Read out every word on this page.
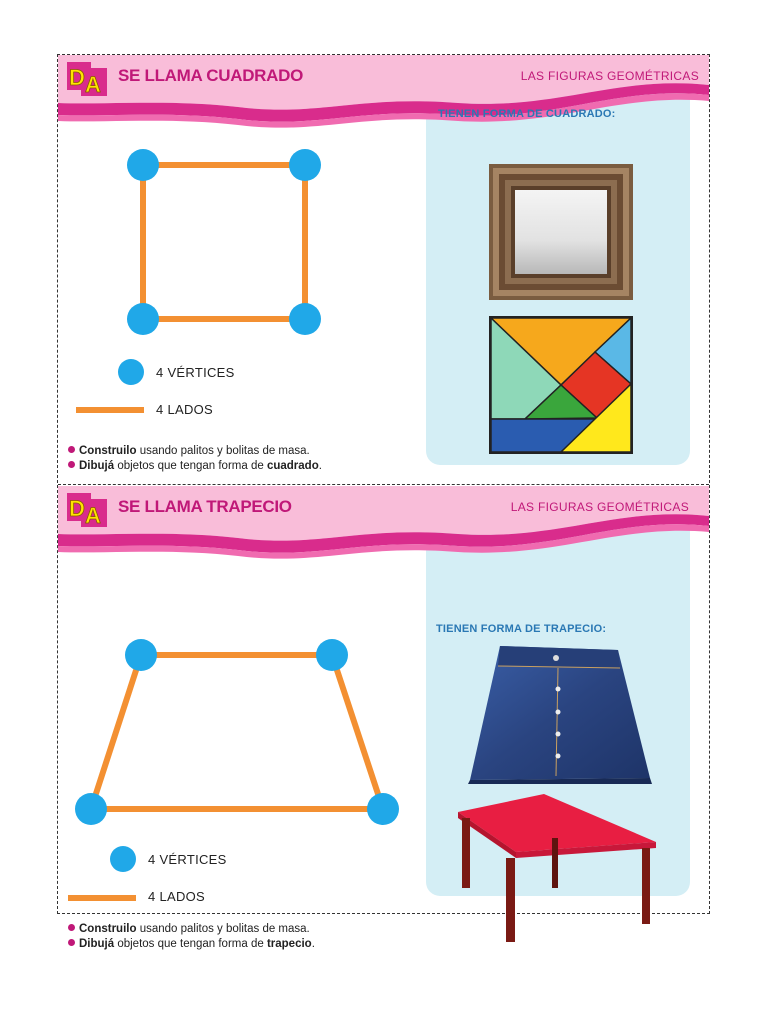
D A SE LLAMA CUADRADO	LAS FIGURAS GEOMÉTRICAS
TIENEN FORMA DE CUADRADO:
4 VÉRTICES
4 LADOS
Construilo usando palitos y bolitas de masa.
Dibujá objetos que tengan forma de cuadrado.
D A SE LLAMA TRAPECIO	LAS FIGURAS GEOMÉTRICAS
TIENEN FORMA DE TRAPECIO:
4 VÉRTICES
4 LADOS
Construilo usando palitos y bolitas de masa.
Dibujá objetos que tengan forma de trapecio.
